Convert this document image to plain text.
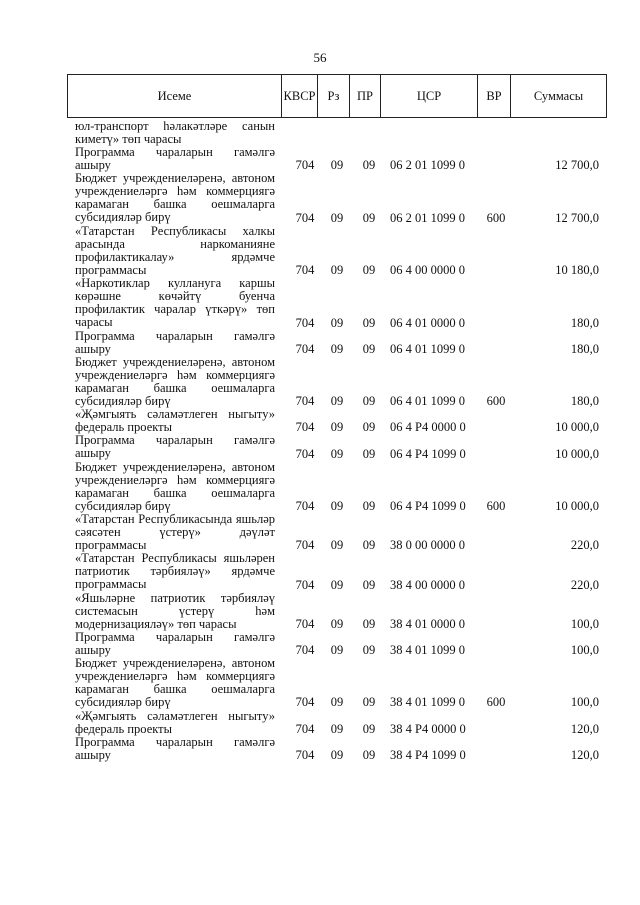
56
Исеме	КВСР Рз	ПР	ЦСР	ВР	Суммасы
юл-транспорт һәлакәтләре санын
киметү» төп чарасы
Программа чараларын гамәлгә
ашыру	704	09	09	06 2 01 1099 0	12 700,0
Бюджет учреждениеләренә, автоном
учреждениеләргә һәм коммерциягә
карамаган башка оешмаларга
субсидияләр бирү	704	09	09	06 2 01 1099 0	600	12 700,0
«Татарстан Республикасы халкы
арасында наркоманияне
профилактикалау» ярдәмче
программасы	704	09	09	06 4 00 0000 0	10 180,0
«Наркотиклар куллануга каршы
көрәшне көчәйтү буенча
профилактик чаралар үткәрү» төп
чарасы	704	09	09	06 4 01 0000 0	180,0
Программа чараларын гамәлгә
ашыру	704	09	09	06 4 01 1099 0	180,0
Бюджет учреждениеләренә, автоном
учреждениеләргә һәм коммерциягә
карамаган башка оешмаларга
субсидияләр бирү	704	09	09	06 4 01 1099 0	600	180,0
«Җәмгыять сәламәтлеген ныгыту»
федераль проекты	704	09	09	06 4 P4 0000 0	10 000,0
Программа чараларын гамәлгә
ашыру	704	09	09	06 4 P4 1099 0	10 000,0
Бюджет учреждениеләренә, автоном
учреждениеләргә һәм коммерциягә
карамаган башка оешмаларга
субсидияләр бирү	704	09	09	06 4 P4 1099 0	600	10 000,0
«Татарстан Республикасында яшьләр
сәясәтен үстерү» дәүләт
программасы	704	09	09	38 0 00 0000 0	220,0
«Татарстан Республикасы яшьләрен
патриотик тәрбияләү» ярдәмче
программасы	704	09	09	38 4 00 0000 0	220,0
«Яшьләрне патриотик тәрбияләү
системасын үстерү һәм
модернизацияләү» төп чарасы	704	09	09	38 4 01 0000 0	100,0
Программа чараларын гамәлгә
ашыру	704	09	09	38 4 01 1099 0	100,0
Бюджет учреждениеләренә, автоном
учреждениеләргә һәм коммерциягә
карамаган башка оешмаларга
субсидияләр бирү	704	09	09	38 4 01 1099 0	600	100,0
«Җәмгыять сәламәтлеген ныгыту»
федераль проекты	704	09	09	38 4 P4 0000 0	120,0
Программа чараларын гамәлгә
ашыру	704	09	09	38 4 P4 1099 0	120,0
